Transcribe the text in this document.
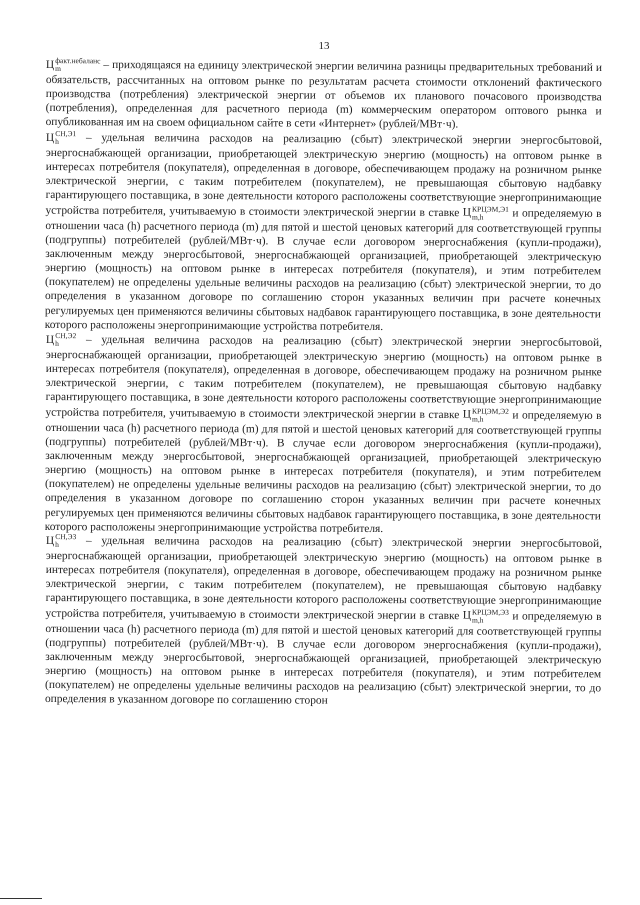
13

Ц факт.небаланс
m	– приходящаяся на единицу электрической энергии величина разницы предварительных требований и обязательств, рассчитанных на оптовом рынке по результатам расчета стоимости отклонений фактического производства (потребления) электрической энергии от объемов их планового почасового производства (потребления), определенная для расчетного периода (m) коммерческим оператором оптового рынка и опубликованная им на своем официальном сайте в сети «Интернет» (рублей/МВт·ч).

Ц СН,Э1
h	– удельная величина расходов на реализацию (сбыт) электрической энергии энергосбытовой, энергоснабжающей организации, приобретающей электрическую энергию (мощность) на оптовом рынке в интересах потребителя (покупателя), определенная в договоре, обеспечивающем продажу на розничном рынке электрической энергии, с таким потребителем (покупателем), не превышающая сбытовую надбавку гарантирующего поставщика, в зоне деятельности которого расположены соответствующие энергопринимающие устройства потребителя, учитываемую в стоимости электрической энергии в ставке Ц КРЦЭМ,Э1
m,h	и определяемую в отношении часа (h) расчетного периода (m) для пятой и шестой ценовых категорий для соответствующей группы (подгруппы) потребителей (рублей/МВт·ч). В случае если договором энергоснабжения (купли-продажи), заключенным между энергосбытовой, энергоснабжающей организацией, приобретающей электрическую энергию (мощность) на оптовом рынке в интересах потребителя (покупателя), и этим потребителем (покупателем) не определены удельные величины расходов на реализацию (сбыт) электрической энергии, то до определения в указанном договоре по соглашению сторон указанных величин при расчете конечных регулируемых цен применяются величины сбытовых надбавок гарантирующего поставщика, в зоне деятельности которого расположены энергопринимающие устройства потребителя.

Ц СН,Э2
h	– удельная величина расходов на реализацию (сбыт) электрической энергии энергосбытовой, энергоснабжающей организации, приобретающей электрическую энергию (мощность) на оптовом рынке в интересах потребителя (покупателя), определенная в договоре, обеспечивающем продажу на розничном рынке электрической энергии, с таким потребителем (покупателем), не превышающая сбытовую надбавку гарантирующего поставщика, в зоне деятельности которого расположены соответствующие энергопринимающие устройства потребителя, учитываемую в стоимости электрической энергии в ставке Ц КРЦЭМ,Э2
m,h	и определяемую в отношении часа (h) расчетного периода (m) для пятой и шестой ценовых категорий для соответствующей группы (подгруппы) потребителей (рублей/МВт·ч). В случае если договором энергоснабжения (купли-продажи), заключенным между энергосбытовой, энергоснабжающей организацией, приобретающей электрическую энергию (мощность) на оптовом рынке в интересах потребителя (покупателя), и этим потребителем (покупателем) не определены удельные величины расходов на реализацию (сбыт) электрической энергии, то до определения в указанном договоре по соглашению сторон указанных величин при расчете конечных регулируемых цен применяются величины сбытовых надбавок гарантирующего поставщика, в зоне деятельности которого расположены энергопринимающие устройства потребителя.

Ц СН,Э3
h	– удельная величина расходов на реализацию (сбыт) электрической энергии энергосбытовой, энергоснабжающей организации, приобретающей электрическую энергию (мощность) на оптовом рынке в интересах потребителя (покупателя), определенная в договоре, обеспечивающем продажу на розничном рынке электрической энергии, с таким потребителем (покупателем), не превышающая сбытовую надбавку гарантирующего поставщика, в зоне деятельности которого расположены соответствующие энергопринимающие устройства потребителя, учитываемую в стоимости электрической энергии в ставке Ц КРЦЭМ,Э3
m,h	и определяемую в отношении часа (h) расчетного периода (m) для пятой и шестой ценовых категорий для соответствующей группы (подгруппы) потребителей (рублей/МВт·ч). В случае если договором энергоснабжения (купли-продажи), заключенным между энергосбытовой, энергоснабжающей организацией, приобретающей электрическую энергию (мощность) на оптовом рынке в интересах потребителя (покупателя), и этим потребителем (покупателем) не определены удельные величины расходов на реализацию (сбыт) электрической энергии, то до определения в указанном договоре по соглашению сторон
